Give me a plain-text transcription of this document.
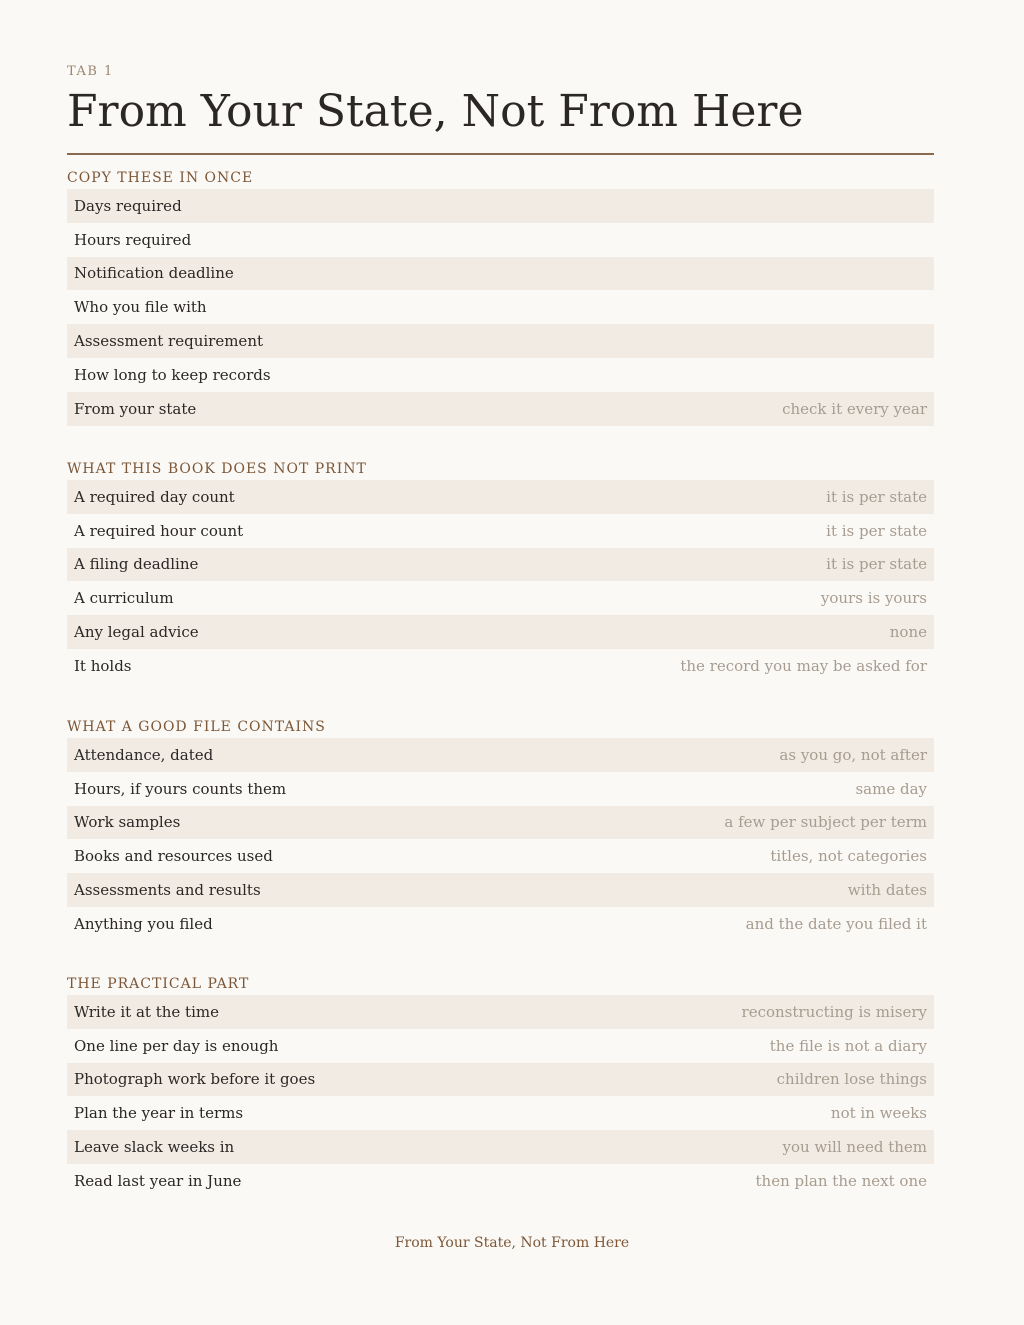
TAB 1
From Your State, Not From Here
COPY THESE IN ONCE
Days required
Hours required
Notification deadline
Who you file with
Assessment requirement
How long to keep records
From your state	check it every year
WHAT THIS BOOK DOES NOT PRINT
A required day count	it is per state
A required hour count	it is per state
A filing deadline	it is per state
A curriculum	yours is yours
Any legal advice	none
It holds	the record you may be asked for
WHAT A GOOD FILE CONTAINS
Attendance, dated	as you go, not after
Hours, if yours counts them	same day
Work samples	a few per subject per term
Books and resources used	titles, not categories
Assessments and results	with dates
Anything you filed	and the date you filed it
THE PRACTICAL PART
Write it at the time	reconstructing is misery
One line per day is enough	the file is not a diary
Photograph work before it goes	children lose things
Plan the year in terms	not in weeks
Leave slack weeks in	you will need them
Read last year in June	then plan the next one
From Your State, Not From Here
